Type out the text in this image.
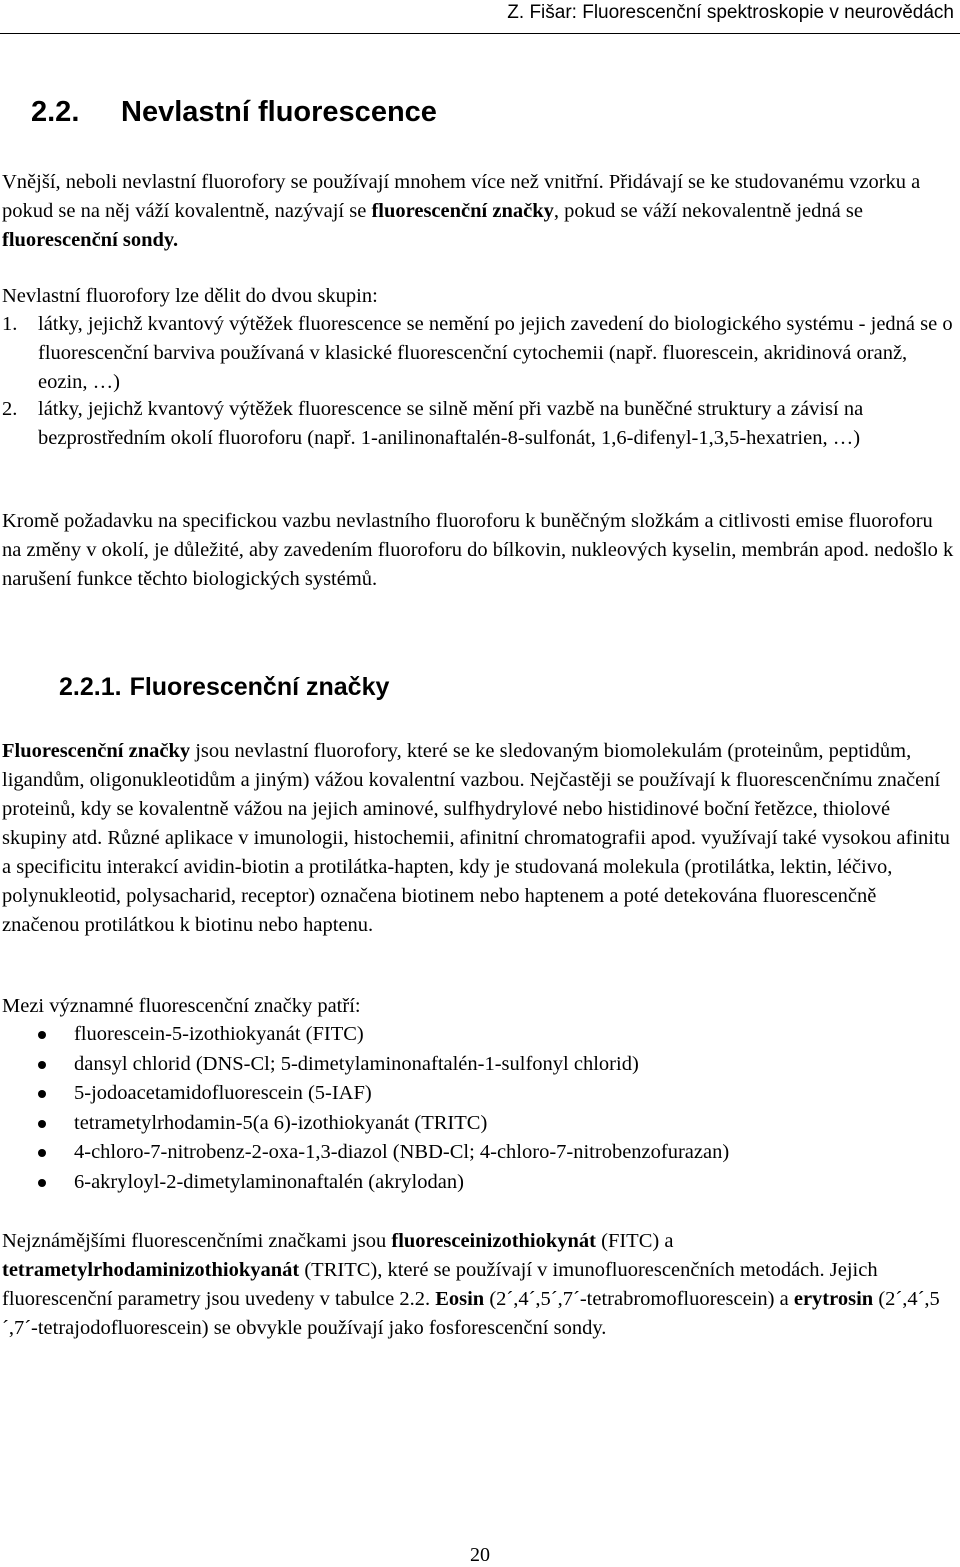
Z. Fišar: Fluorescenční spektroskopie v neurovědách
2.2. Nevlastní fluorescence

Vnější, neboli nevlastní fluorofory se používají mnohem více než vnitřní. Přidávají se ke studovanému vzorku a pokud se na něj váží kovalentně, nazývají se fluorescenční značky, pokud se váží nekovalentně jedná se fluorescenční sondy.

Nevlastní fluorofory lze dělit do dvou skupin:

1. látky, jejichž kvantový výtěžek fluorescence se nemění po jejich zavedení do biologického systému - jedná se o fluorescenční barviva používaná v klasické fluorescenční cytochemii (např. fluorescein, akridinová oranž, eozin, …)
2. látky, jejichž kvantový výtěžek fluorescence se silně mění při vazbě na buněčné struktury a závisí na bezprostředním okolí fluoroforu (např. 1-anilinonaftalén-8-sulfonát, 1,6-difenyl-1,3,5-hexatrien, …)

Kromě požadavku na specifickou vazbu nevlastního fluoroforu k buněčným složkám a citlivosti emise fluoroforu na změny v okolí, je důležité, aby zavedením fluoroforu do bílkovin, nukleových kyselin, membrán apod. nedošlo k narušení funkce těchto biologických systémů.

2.2.1. Fluorescenční značky

Fluorescenční značky jsou nevlastní fluorofory, které se ke sledovaným biomolekulám (proteinům, peptidům, ligandům, oligonukleotidům a jiným) vážou kovalentní vazbou. Nejčastěji se používají k fluorescenčnímu značení proteinů, kdy se kovalentně vážou na jejich aminové, sulfhydrylové nebo histidinové boční řetězce, thiolové skupiny atd. Různé aplikace v imunologii, histochemii, afinitní chromatografii apod. využívají také vysokou afinitu a specificitu interakcí avidin-biotin a protilátka-hapten, kdy je studovaná molekula (protilátka, lektin, léčivo, polynukleotid, polysacharid, receptor) označena biotinem nebo haptenem a poté detekována fluorescenčně značenou protilátkou k biotinu nebo haptenu.

Mezi významné fluorescenční značky patří:

fluorescein-5-izothiokyanát (FITC)
dansyl chlorid (DNS-Cl; 5-dimetylaminonaftalén-1-sulfonyl chlorid)
5-jodoacetamidofluorescein (5-IAF)
tetrametylrhodamin-5(a 6)-izothiokyanát (TRITC)
4-chloro-7-nitrobenz-2-oxa-1,3-diazol (NBD-Cl; 4-chloro-7-nitrobenzofurazan)
6-akryloyl-2-dimetylaminonaftalén (akrylodan)

Nejznámějšími fluorescenčními značkami jsou fluoresceinizothiokynát (FITC) a tetrametylrhodaminizothiokyanát (TRITC), které se používají v imunofluorescenčních metodách. Jejich fluorescenční parametry jsou uvedeny v tabulce 2.2. Eosin (2´,4´,5´,7´-tetrabromofluorescein) a erytrosin (2´,4´,5´,7´-tetrajodofluorescein) se obvykle používají jako fosforescenční sondy.

20
